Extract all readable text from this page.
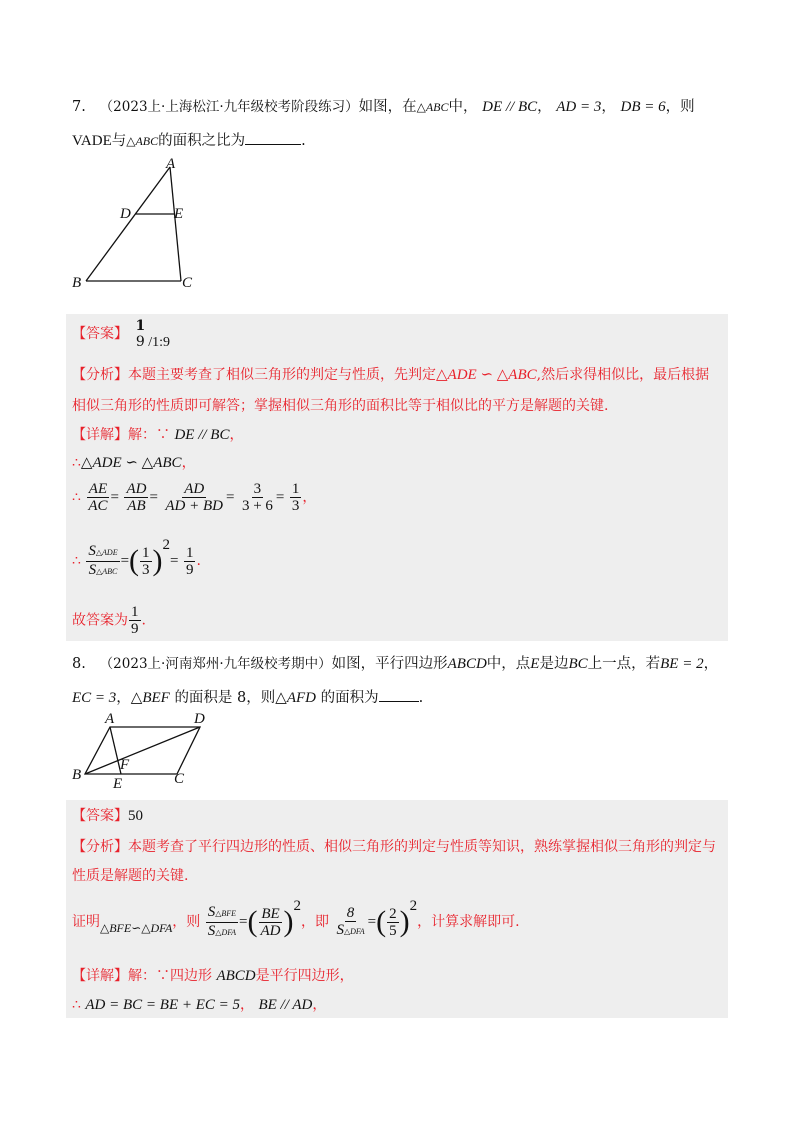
7. （2023上·上海松江·九年级校考阶段练习）如图，在△ABC中， DE // BC， AD = 3， DB = 6，则
VADE与△ABC的面积之比为	.
A
D	E
B	C
【答案】 1
9 /1:9
【分析】本题主要考查了相似三角形的判定与性质，先判定△ADE ∽ △ABC,然后求得相似比，最后根据
相似三角形的性质即可解答；掌握相似三角形的面积比等于相似比的平方是解题的关键.
【详解】解：∵ DE // BC，
∴△ADE ∽ △ABC，
∴ $\frac{AE}{AC} = \frac{AD}{AB} = \frac{AD}{AD + BD} = \frac{3}{3 + 6} = \frac{1}{3}$ ，
∴ $\frac{\text{S△ADE}}{\text{S△ABC}}$ =( $\frac{1}{3} )^2= \frac{1}{9}$ .
故答案为 $\frac{1}{9}$ .
8. （2023上·河南郑州·九年级校考期中）如图，平行四边形ABCD中，点E是边BC上一点，若BE = 2，
EC = 3，△BEF 的面积是 8，则△AFD 的面积为	.
A	D
F
B	C
E
【答案】50
【分析】本题考查了平行四边形的性质、相似三角形的判定与性质等知识，熟练掌握相似三角形的判定与
性质是解题的关键.
证明△BFE∽△DFA，则 $\frac{\text{S△BFE}}{\text{S△DFA}}$ =( $\frac{BE}{AD} )^2$，即 $\frac{8}{\text{S△DFA}}$ =( $\frac{2}{5} )^2$，计算求解即可.
【详解】解：∵四边形 ABCD是平行四边形，
∴ AD = BC = BE + EC = 5， BE // AD，
